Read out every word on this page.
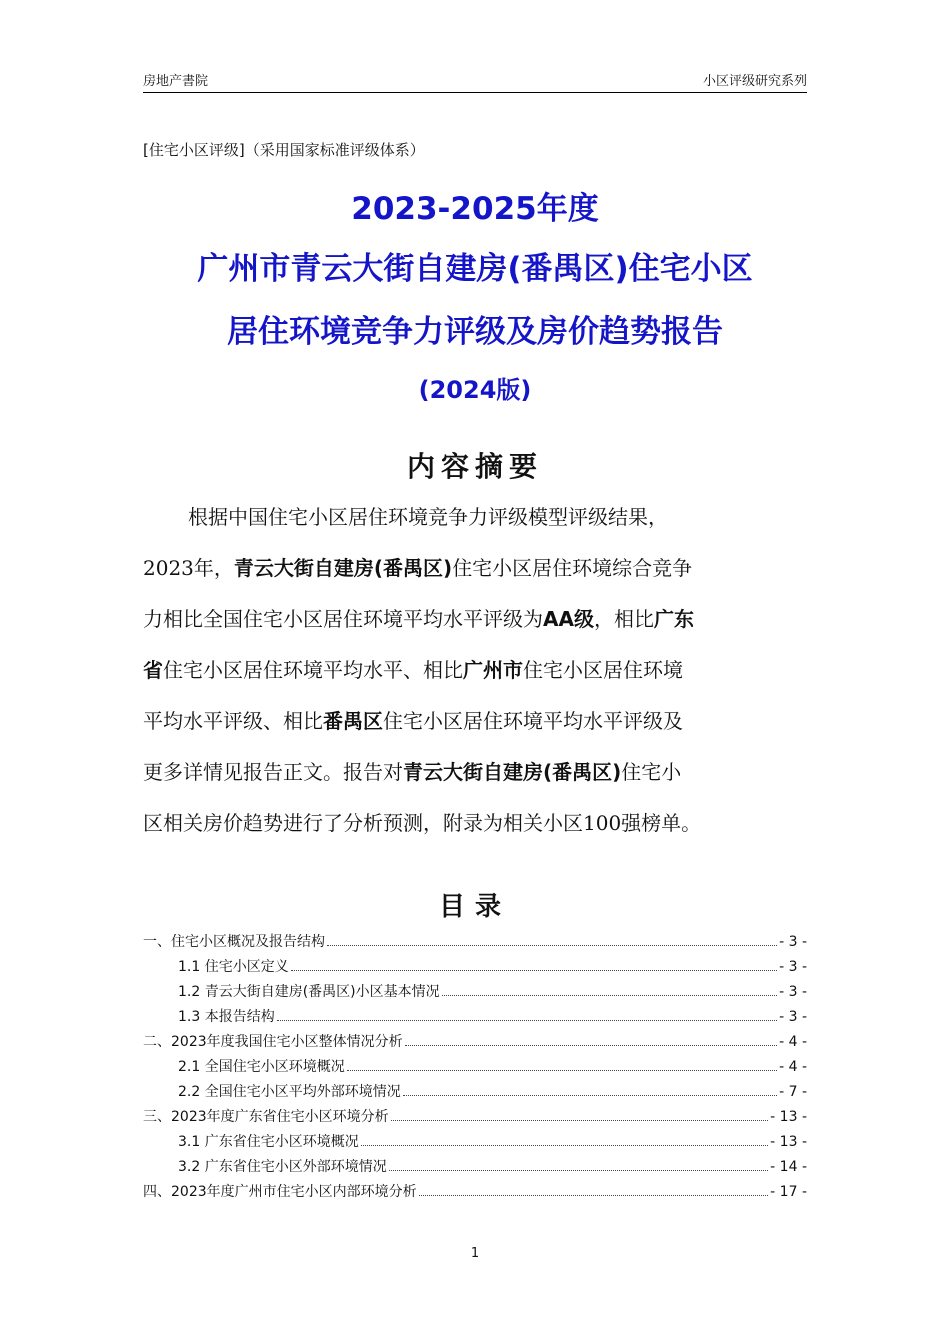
房地产書院	小区评级研究系列
[住宅小区评级]（采用国家标准评级体系）
2023-2025年度
广州市青云大街自建房(番禺区)住宅小区
居住环境竞争力评级及房价趋势报告
(2024版)
内容摘要
根据中国住宅小区居住环境竞争力评级模型评级结果，
2023年，青云大街自建房(番禺区)住宅小区居住环境综合竞争
力相比全国住宅小区居住环境平均水平评级为AA级，相比广东
省住宅小区居住环境平均水平、相比广州市住宅小区居住环境
平均水平评级、相比番禺区住宅小区居住环境平均水平评级及
更多详情见报告正文。报告对青云大街自建房(番禺区)住宅小
区相关房价趋势进行了分析预测，附录为相关小区100强榜单。
目录
一、住宅小区概况及报告结构	- 3 -
1.1 住宅小区定义	- 3 -
1.2 青云大街自建房(番禺区)小区基本情况	- 3 -
1.3 本报告结构	- 3 -
二、2023年度我国住宅小区整体情况分析	- 4 -
2.1 全国住宅小区环境概况	- 4 -
2.2 全国住宅小区平均外部环境情况	- 7 -
三、2023年度广东省住宅小区环境分析	- 13 -
3.1 广东省住宅小区环境概况	- 13 -
3.2 广东省住宅小区外部环境情况	- 14 -
四、2023年度广州市住宅小区内部环境分析	- 17 -
1
